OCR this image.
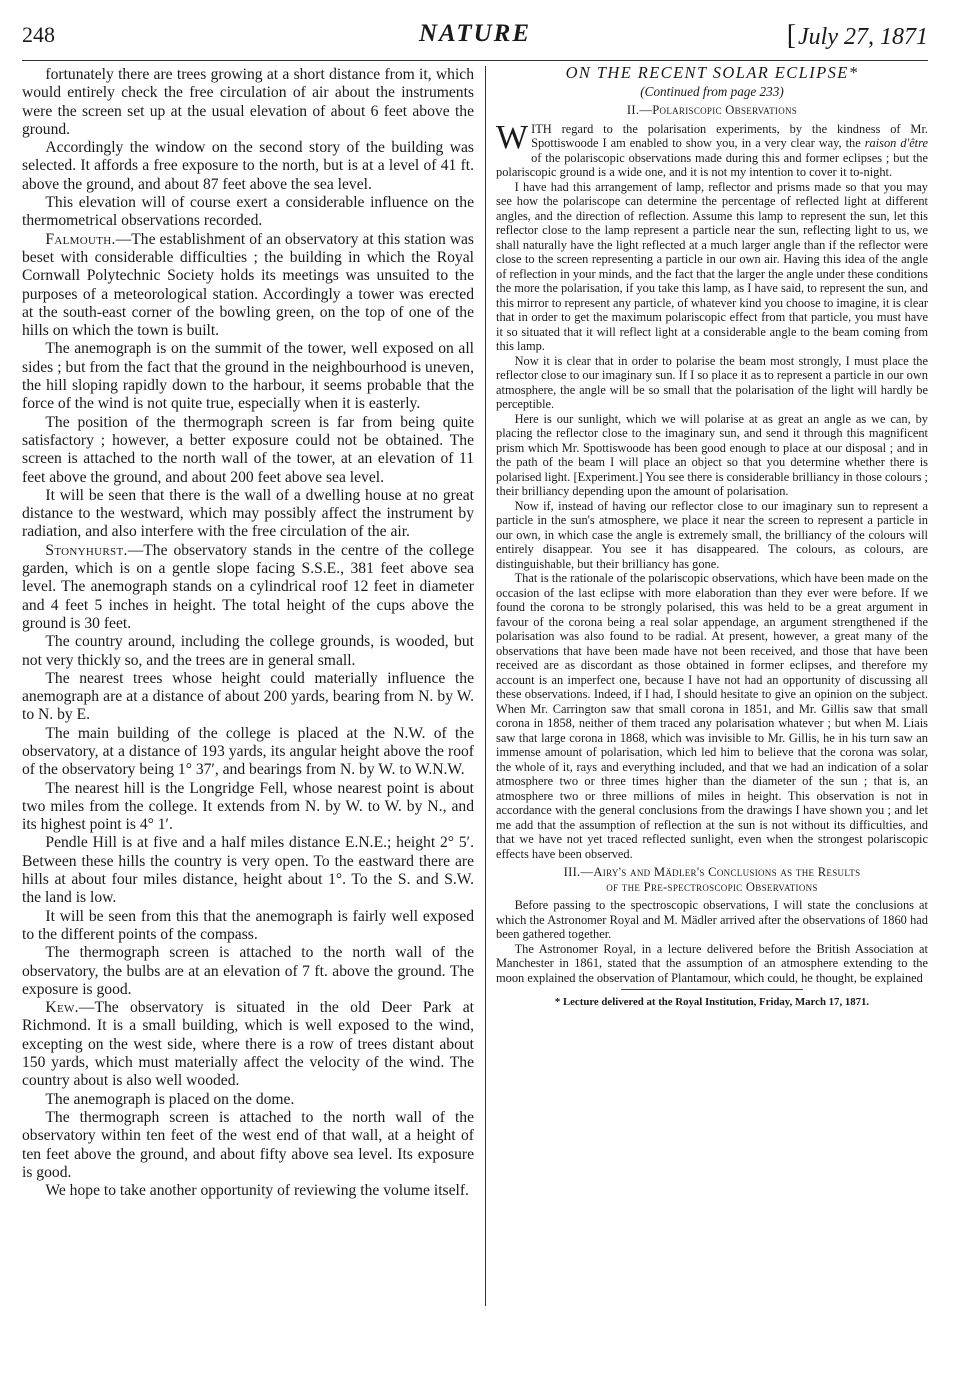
248	NATURE	[July 27, 1871

fortunately there are trees growing at a short distance from it, which would entirely check the free circulation of air about the instruments were the screen set up at the usual elevation of about 6 feet above the ground.

Accordingly the window on the second story of the building was selected. It affords a free exposure to the north, but is at a level of 41 ft. above the ground, and about 87 feet above the sea level.

This elevation will of course exert a considerable influence on the thermometrical observations recorded.

Falmouth.—The establishment of an observatory at this station was beset with considerable difficulties ; the building in which the Royal Cornwall Polytechnic Society holds its meetings was unsuited to the purposes of a meteorological station. Accordingly a tower was erected at the south-east corner of the bowling green, on the top of one of the hills on which the town is built.

The anemograph is on the summit of the tower, well exposed on all sides ; but from the fact that the ground in the neighbourhood is uneven, the hill sloping rapidly down to the harbour, it seems probable that the force of the wind is not quite true, especially when it is easterly.

The position of the thermograph screen is far from being quite satisfactory ; however, a better exposure could not be obtained. The screen is attached to the north wall of the tower, at an elevation of 11 feet above the ground, and about 200 feet above sea level.

It will be seen that there is the wall of a dwelling house at no great distance to the westward, which may possibly affect the instrument by radiation, and also interfere with the free circulation of the air.

Stonyhurst.—The observatory stands in the centre of the college garden, which is on a gentle slope facing S.S.E., 381 feet above sea level. The anemograph stands on a cylindrical roof 12 feet in diameter and 4 feet 5 inches in height. The total height of the cups above the ground is 30 feet.

The country around, including the college grounds, is wooded, but not very thickly so, and the trees are in general small.

The nearest trees whose height could materially influence the anemograph are at a distance of about 200 yards, bearing from N. by W. to N. by E.

The main building of the college is placed at the N.W. of the observatory, at a distance of 193 yards, its angular height above the roof of the observatory being 1° 37′, and bearings from N. by W. to W.N.W.

The nearest hill is the Longridge Fell, whose nearest point is about two miles from the college. It extends from N. by W. to W. by N., and its highest point is 4° 1′.

Pendle Hill is at five and a half miles distance E.N.E.; height 2° 5′. Between these hills the country is very open. To the eastward there are hills at about four miles distance, height about 1°. To the S. and S.W. the land is low.

It will be seen from this that the anemograph is fairly well exposed to the different points of the compass.

The thermograph screen is attached to the north wall of the observatory, the bulbs are at an elevation of 7 ft. above the ground. The exposure is good.

Kew.—The observatory is situated in the old Deer Park at Richmond. It is a small building, which is well exposed to the wind, excepting on the west side, where there is a row of trees distant about 150 yards, which must materially affect the velocity of the wind. The country about is also well wooded.

The anemograph is placed on the dome.

The thermograph screen is attached to the north wall of the observatory within ten feet of the west end of that wall, at a height of ten feet above the ground, and about fifty above sea level. Its exposure is good.

We hope to take another opportunity of reviewing the volume itself.

ON THE RECENT SOLAR ECLIPSE*
(Continued from page 233)
II.—Polariscopic Observations

WITH regard to the polarisation experiments, by the kindness of Mr. Spottiswoode I am enabled to show you, in a very clear way, the raison d'être of the polariscopic observations made during this and former eclipses ; but the polariscopic ground is a wide one, and it is not my intention to cover it to-night.

I have had this arrangement of lamp, reflector and prisms made so that you may see how the polariscope can determine the percentage of reflected light at different angles, and the direction of reflection. Assume this lamp to represent the sun, let this reflector close to the lamp represent a particle near the sun, reflecting light to us, we shall naturally have the light reflected at a much larger angle than if the reflector were close to the screen representing a particle in our own air. Having this idea of the angle of reflection in your minds, and the fact that the larger the angle under these conditions the more the polarisation, if you take this lamp, as I have said, to represent the sun, and this mirror to represent any particle, of whatever kind you choose to imagine, it is clear that in order to get the maximum polariscopic effect from that particle, you must have it so situated that it will reflect light at a considerable angle to the beam coming from this lamp.

Now it is clear that in order to polarise the beam most strongly, I must place the reflector close to our imaginary sun. If I so place it as to represent a particle in our own atmosphere, the angle will be so small that the polarisation of the light will hardly be perceptible.

Here is our sunlight, which we will polarise at as great an angle as we can, by placing the reflector close to the imaginary sun, and send it through this magnificent prism which Mr. Spottiswoode has been good enough to place at our disposal ; and in the path of the beam I will place an object so that you determine whether there is polarised light. [Experiment.] You see there is considerable brilliancy in those colours ; their brilliancy depending upon the amount of polarisation.

Now if, instead of having our reflector close to our imaginary sun to represent a particle in the sun's atmosphere, we place it near the screen to represent a particle in our own, in which case the angle is extremely small, the brilliancy of the colours will entirely disappear. You see it has disappeared. The colours, as colours, are distinguishable, but their brilliancy has gone.

That is the rationale of the polariscopic observations, which have been made on the occasion of the last eclipse with more elaboration than they ever were before. If we found the corona to be strongly polarised, this was held to be a great argument in favour of the corona being a real solar appendage, an argument strengthened if the polarisation was also found to be radial. At present, however, a great many of the observations that have been made have not been received, and those that have been received are as discordant as those obtained in former eclipses, and therefore my account is an imperfect one, because I have not had an opportunity of discussing all these observations. Indeed, if I had, I should hesitate to give an opinion on the subject. When Mr. Carrington saw that small corona in 1851, and Mr. Gillis saw that small corona in 1858, neither of them traced any polarisation whatever ; but when M. Liais saw that large corona in 1868, which was invisible to Mr. Gillis, he in his turn saw an immense amount of polarisation, which led him to believe that the corona was solar, the whole of it, rays and everything included, and that we had an indication of a solar atmosphere two or three times higher than the diameter of the sun ; that is, an atmosphere two or three millions of miles in height. This observation is not in accordance with the general conclusions from the drawings I have shown you ; and let me add that the assumption of reflection at the sun is not without its difficulties, and that we have not yet traced reflected sunlight, even when the strongest polariscopic effects have been observed.

III.—Airy's and Mädler's Conclusions as the Results
of the Pre-spectroscopic Observations

Before passing to the spectroscopic observations, I will state the conclusions at which the Astronomer Royal and M. Mädler arrived after the observations of 1860 had been gathered together.

The Astronomer Royal, in a lecture delivered before the British Association at Manchester in 1861, stated that the assumption of an atmosphere extending to the moon explained the observation of Plantamour, which could, he thought, be explained

* Lecture delivered at the Royal Institution, Friday, March 17, 1871.
